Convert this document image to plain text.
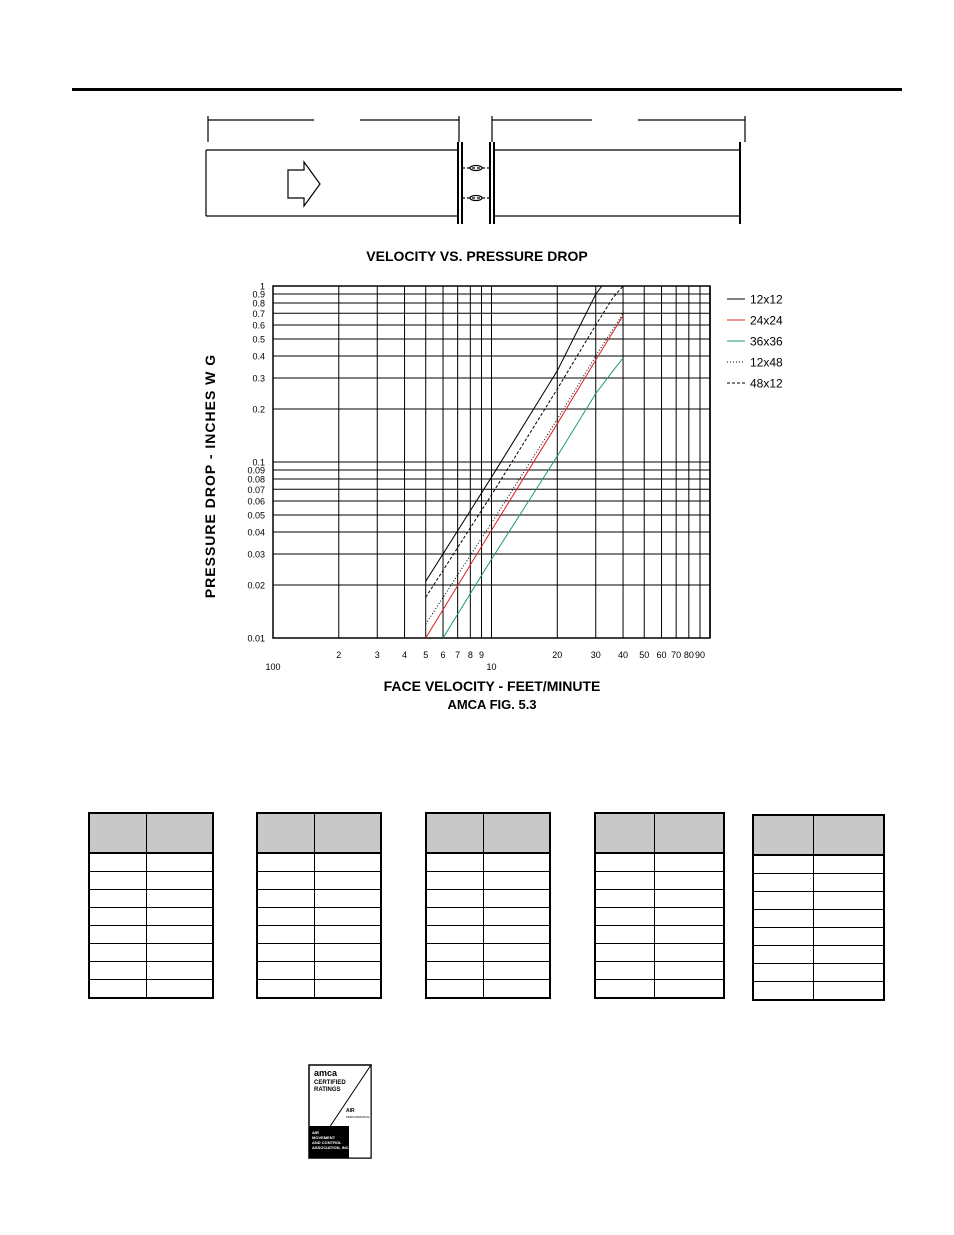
VELOCITY VS. PRESSURE DROP
100
2	3 4 5 6 7 8 9
10
20	30 40 50 60 70 80 90
0.01
0.02
0.03
0.04
0.05
0.06
0.07
0.08
0.09
0.1
0.2
0.3
0.4
0.5
0.6
0.7
0.8
0.9
1
12x12
24x24
36x36
12x48
48x12
PRESSURE DROP - INCHES W G
FACE VELOCITY - FEET/MINUTE
AMCA FIG. 5.3

amca
CERTIFIED
RATINGS
AIR
PERFORMANCE
AIR
MOVEMENT
AND CONTROL
ASSOCIATION, INC.
